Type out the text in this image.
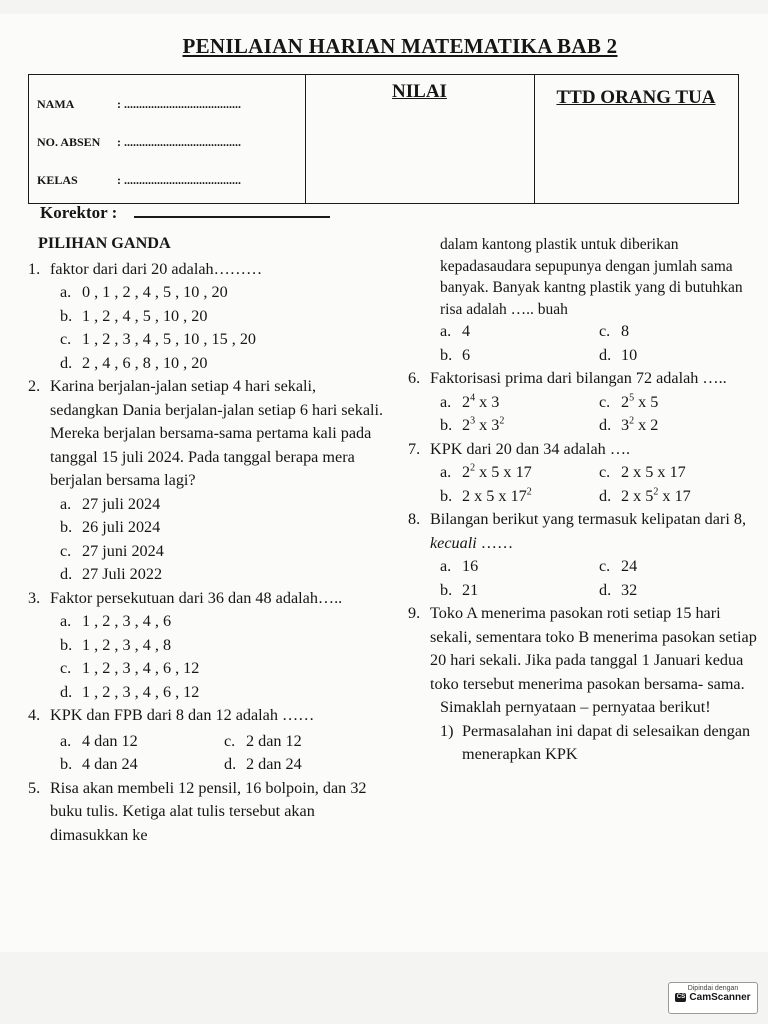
PENILAIAN HARIAN MATEMATIKA BAB 2
NAMA	: .......................................
NO. ABSEN : .......................................
KELAS	: .......................................
NILAI	TTD ORANG TUA
Korektor :
PILIHAN GANDA
1. faktor dari dari 20 adalah………
a. 0 , 1 , 2 , 4 , 5 , 10 , 20
b. 1 , 2 , 4 , 5 , 10 , 20
c. 1 , 2 , 3 , 4 , 5 , 10 , 15 , 20
d. 2 , 4 , 6 , 8 , 10 , 20
2. Karina berjalan-jalan setiap 4 hari sekali, sedangkan Dania berjalan-jalan setiap 6 hari sekali. Mereka berjalan bersama-sama pertama kali pada tanggal 15 juli 2024. Pada tanggal berapa mera berjalan bersama lagi?
a. 27 juli 2024
b. 26 juli 2024
c. 27 juni 2024
d. 27 Juli 2022
3. Faktor persekutuan dari 36 dan 48 adalah…..
a. 1 , 2 , 3 , 4 , 6
b. 1 , 2 , 3 , 4 , 8
c. 1 , 2 , 3 , 4 , 6 , 12
d. 1 , 2 , 3 , 4 , 6 , 12
4. KPK dan FPB dari 8 dan 12 adalah ……
a. 4 dan 12	c. 2 dan 12
b. 4 dan 24	d. 2 dan 24
5. Risa akan membeli 12 pensil, 16 bolpoin, dan 32 buku tulis. Ketiga alat tulis tersebut akan dimasukkan ke
dalam kantong plastik untuk diberikan kepadasaudara sepupunya dengan jumlah sama banyak. Banyak kantng plastik yang di butuhkan risa adalah ….. buah
a. 4	c. 8
b. 6	d. 10
6. Faktorisasi prima dari bilangan 72 adalah …..
a. $2^4$ x 3	c. $2^5$ x 5
b. $2^3$ x $3^2$	d. $3^2$ x 2
7. KPK dari 20 dan 34 adalah ….
a. $2^2$ x 5 x 17	c. 2 x 5 x 17
b. 2 x 5 x $17^2$	d. 2 x $5^2$ x 17
8. Bilangan berikut yang termasuk kelipatan dari 8, kecuali ……
a. 16	c. 24
b. 21	d. 32
9. Toko A menerima pasokan roti setiap 15 hari sekali, sementara toko B menerima pasokan setiap 20 hari sekali. Jika pada tanggal 1 Januari kedua toko tersebut menerima pasokan bersama- sama.
Simaklah pernyataan – pernyataa berikut!
1) Permasalahan ini dapat di selesaikan dengan menerapkan KPK
Dipindai dengan
CS CamScanner
